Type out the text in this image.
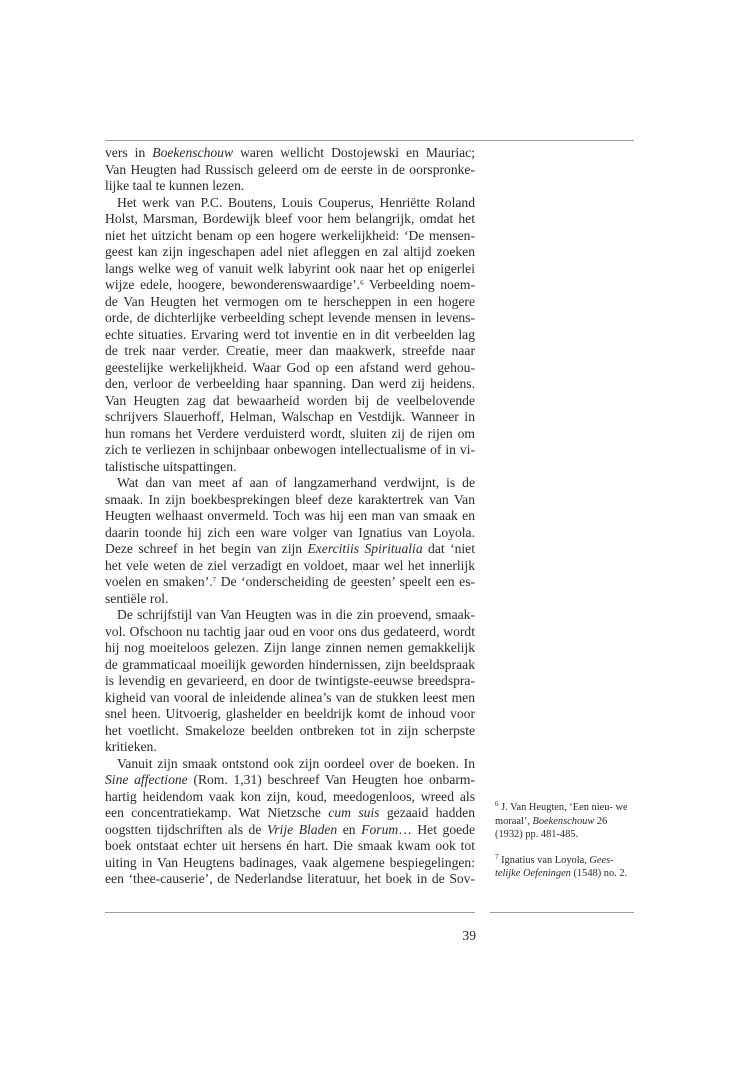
vers in Boekenschouw waren wellicht Dostojewski en Mauriac;
Van Heugten had Russisch geleerd om de eerste in de oorspronke-
lijke taal te kunnen lezen.
Het werk van P.C. Boutens, Louis Couperus, Henriëtte Roland
Holst, Marsman, Bordewijk bleef voor hem belangrijk, omdat het
niet het uitzicht benam op een hogere werkelijkheid: ‘De mensen-
geest kan zijn ingeschapen adel niet afleggen en zal altijd zoeken
langs welke weg of vanuit welk labyrint ook naar het op enigerlei
wijze edele, hoogere, bewonderenswaardige’.$^6$ Verbeelding noem-
de Van Heugten het vermogen om te herscheppen in een hogere
orde, de dichterlijke verbeelding schept levende mensen in levens-
echte situaties. Ervaring werd tot inventie en in dit verbeelden lag
de trek naar verder. Creatie, meer dan maakwerk, streefde naar
geestelijke werkelijkheid. Waar God op een afstand werd gehou-
den, verloor de verbeelding haar spanning. Dan werd zij heidens.
Van Heugten zag dat bewaarheid worden bij de veelbelovende
schrijvers Slauerhoff, Helman, Walschap en Vestdijk. Wanneer in
hun romans het Verdere verduisterd wordt, sluiten zij de rijen om
zich te verliezen in schijnbaar onbewogen intellectualisme of in vi-
talistische uitspattingen.
Wat dan van meet af aan of langzamerhand verdwijnt, is de
smaak. In zijn boekbesprekingen bleef deze karaktertrek van Van
Heugten welhaast onvermeld. Toch was hij een man van smaak en
daarin toonde hij zich een ware volger van Ignatius van Loyola.
Deze schreef in het begin van zijn Exercitiis Spiritualia dat ‘niet
het vele weten de ziel verzadigt en voldoet, maar wel het innerlijk
voelen en smaken’.$^7$ De ‘onderscheiding de geesten’ speelt een es-
sentiële rol.
De schrijfstijl van Van Heugten was in die zin proevend, smaak-
vol. Ofschoon nu tachtig jaar oud en voor ons dus gedateerd, wordt
hij nog moeiteloos gelezen. Zijn lange zinnen nemen gemakkelijk
de grammaticaal moeilijk geworden hindernissen, zijn beeldspraak
is levendig en gevarieerd, en door de twintigste-eeuwse breedspra-
kigheid van vooral de inleidende alinea’s van de stukken leest men
snel heen. Uitvoerig, glashelder en beeldrijk komt de inhoud voor
het voetlicht. Smakeloze beelden ontbreken tot in zijn scherpste
kritieken.
Vanuit zijn smaak ontstond ook zijn oordeel over de boeken. In
Sine affectione (Rom. 1,31) beschreef Van Heugten hoe onbarm-
hartig heidendom vaak kon zijn, koud, meedogenloos, wreed als
een concentratiekamp. Wat Nietzsche cum suis gezaaid hadden
oogstten tijdschriften als de Vrije Bladen en Forum… Het goede
boek ontstaat echter uit hersens én hart. Die smaak kwam ook tot
uiting in Van Heugtens badinages, vaak algemene bespiegelingen:
een ‘thee-causerie’, de Nederlandse literatuur, het boek in de Sov-
$^6$ J. Van Heugten, ‘Een nieu- we moraal’, Boekenschouw 26 (1932) pp. 481-485.
$^7$ Ignatius van Loyola, Gees- telijke Oefeningen (1548) no. 2.
39
